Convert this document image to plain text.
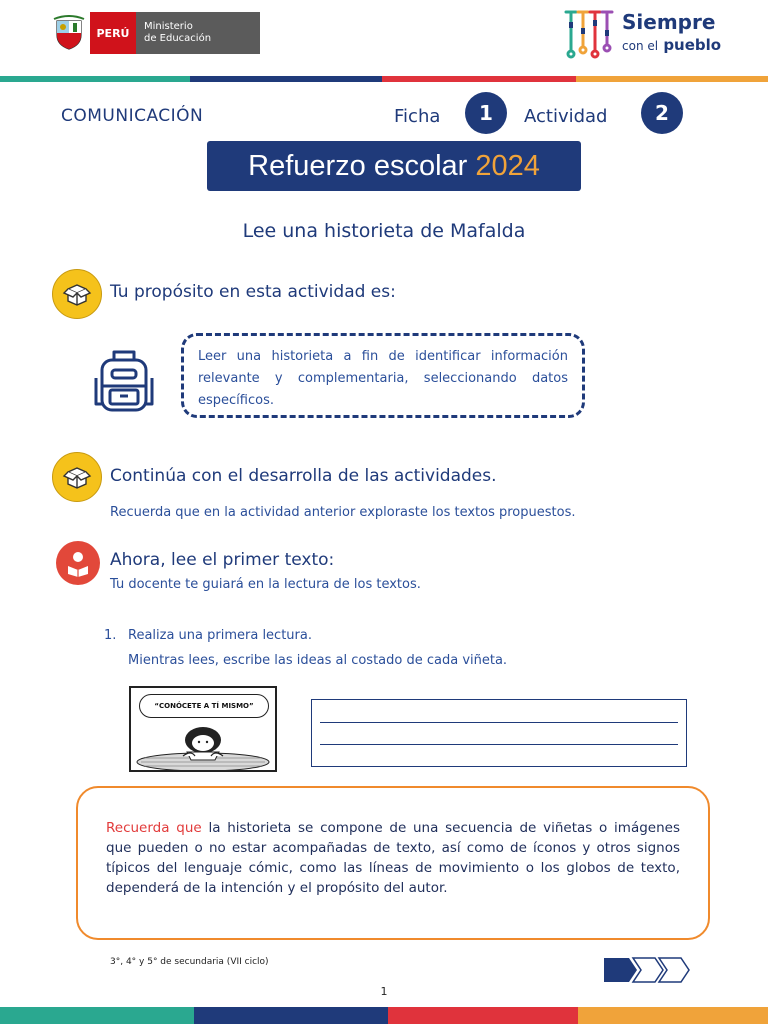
PERÚ	Ministerio
de Educación
Siempre
con el pueblo
COMUNICACIÓN	Ficha	1	Actividad	2
Refuerzo escolar 2024
Lee una historieta de Mafalda
Tu propósito en esta actividad es:
Leer una historieta a fin de identificar información relevante y complementaria, seleccionando datos específicos.
Continúa con el desarrolla de las actividades.
Recuerda que en la actividad anterior exploraste los textos propuestos.
Ahora, lee el primer texto:
Tu docente te guiará en la lectura de los textos.
1. Realiza una primera lectura.
Mientras lees, escribe las ideas al costado de cada viñeta.
“CONÓCETE A TÍ MISMO”
Recuerda que la historieta se compone de una secuencia de viñetas o imágenes que pueden o no estar acompañadas de texto, así como de íconos y otros signos típicos del lenguaje cómic, como las líneas de movimiento o los globos de texto, dependerá de la intención y el propósito del autor.
3°, 4° y 5° de secundaria (VII ciclo)
1
